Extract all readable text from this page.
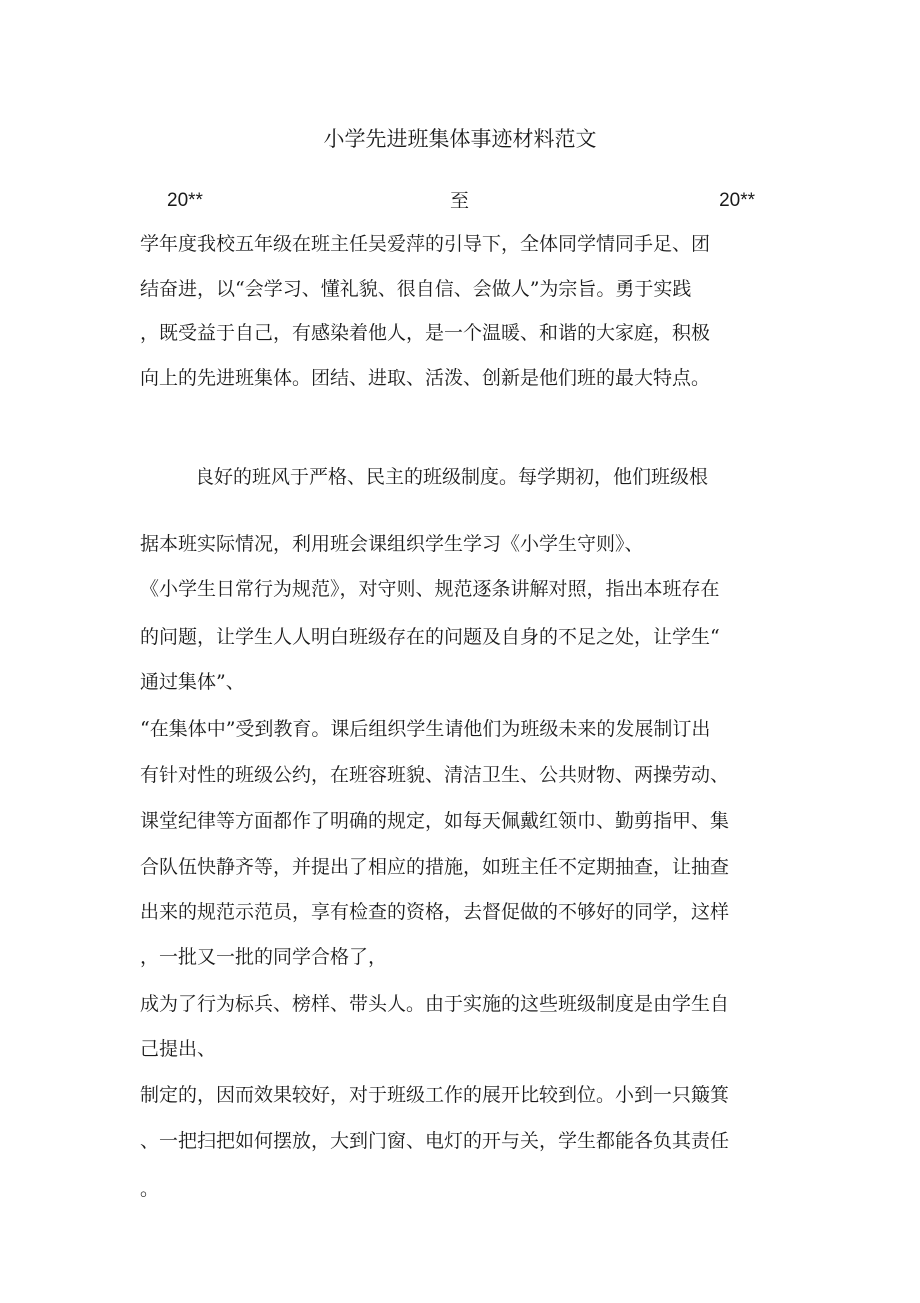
小学先进班集体事迹材料范文
20**	至	20**
学年度我校五年级在班主任吴爱萍的引导下，全体同学情同手足、团
结奋进，以“会学习、懂礼貌、很自信、会做人”为宗旨。勇于实践
，既受益于自己，有感染着他人，是一个温暖、和谐的大家庭，积极
向上的先进班集体。团结、进取、活泼、创新是他们班的最大特点。
良好的班风于严格、民主的班级制度。每学期初，他们班级根
据本班实际情况，利用班会课组织学生学习《小学生守则》、
《小学生日常行为规范》，对守则、规范逐条讲解对照，指出本班存在
的问题，让学生人人明白班级存在的问题及自身的不足之处，让学生“
通过集体”、
“在集体中”受到教育。课后组织学生请他们为班级未来的发展制订出
有针对性的班级公约，在班容班貌、清洁卫生、公共财物、两操劳动、
课堂纪律等方面都作了明确的规定，如每天佩戴红领巾、勤剪指甲、集
合队伍快静齐等，并提出了相应的措施，如班主任不定期抽查，让抽查
出来的规范示范员，享有检查的资格，去督促做的不够好的同学，这样
，一批又一批的同学合格了，
成为了行为标兵、榜样、带头人。由于实施的这些班级制度是由学生自
己提出、
制定的，因而效果较好，对于班级工作的展开比较到位。小到一只簸箕
、一把扫把如何摆放，大到门窗、电灯的开与关，学生都能各负其责任
。
